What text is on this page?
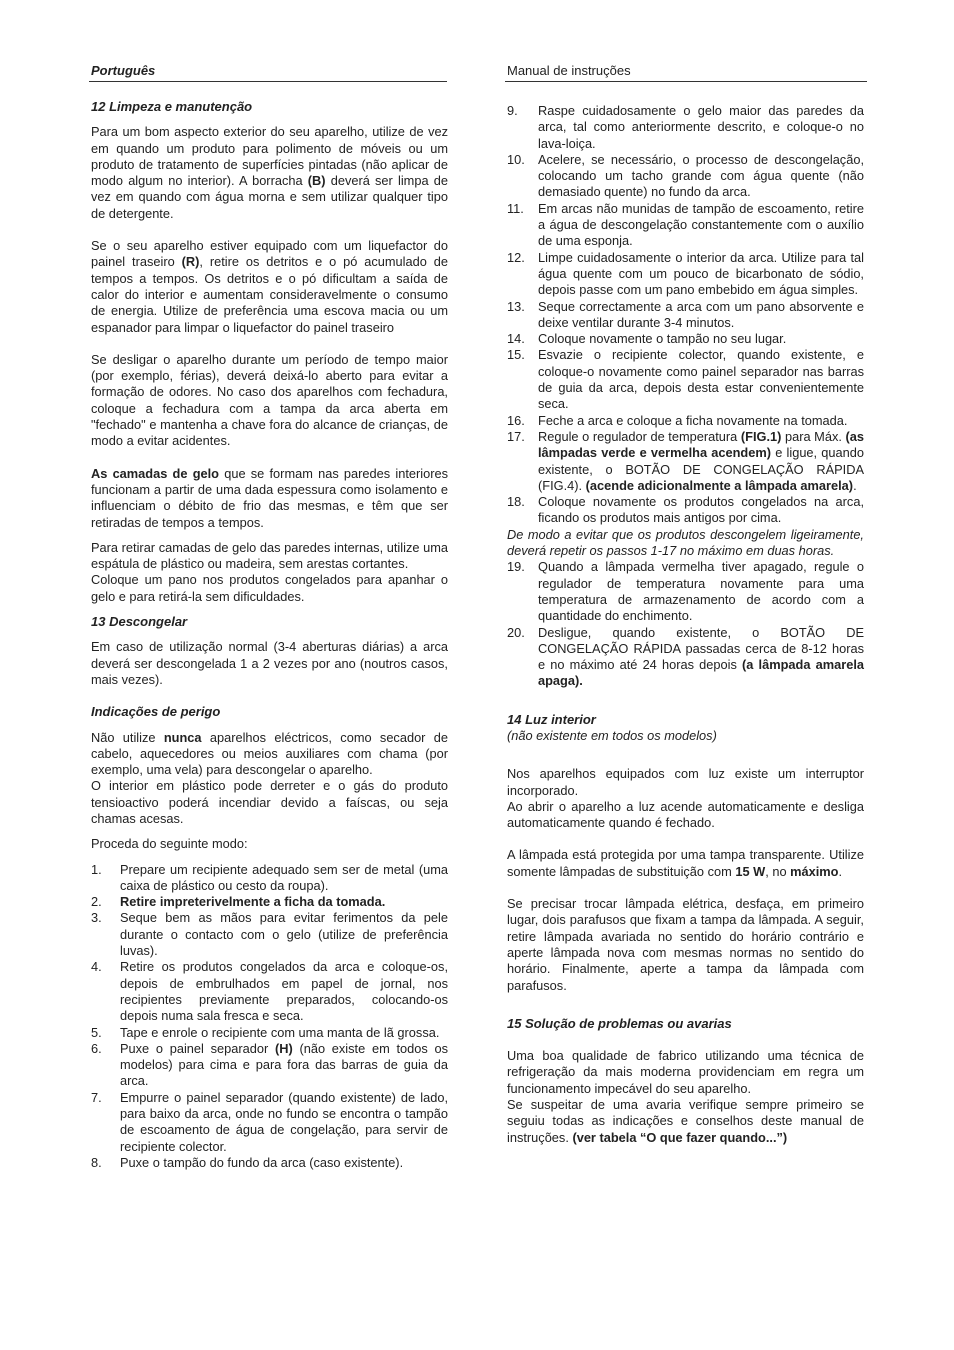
Português	Manual de instruções
12 Limpeza e manutenção

Para um bom aspecto exterior do seu aparelho, utilize de vez em quando um produto para polimento de móveis ou um produto de tratamento de superfícies pintadas (não aplicar de modo algum no interior). A borracha (B) deverá ser limpa de vez em quando com água morna e sem utilizar qualquer tipo de detergente.

Se o seu aparelho estiver equipado com um liquefactor do painel traseiro (R), retire os detritos e o pó acumulado de tempos a tempos. Os detritos e o pó dificultam a saída de calor do interior e aumentam consideravelmente o consumo de energia. Utilize de preferência uma escova macia ou um espanador para limpar o liquefactor do painel traseiro

Se desligar o aparelho durante um período de tempo maior (por exemplo, férias), deverá deixá-lo aberto para evitar a formação de odores. No caso dos aparelhos com fechadura, coloque a fechadura com a tampa da arca aberta em "fechado" e mantenha a chave fora do alcance de crianças, de modo a evitar acidentes.

As camadas de gelo que se formam nas paredes interiores funcionam a partir de uma dada espessura como isolamento e influenciam o débito de frio das mesmas, e têm que ser retiradas de tempos a tempos.

Para retirar camadas de gelo das paredes internas, utilize uma espátula de plástico ou madeira, sem arestas cortantes.
Coloque um pano nos produtos congelados para apanhar o gelo e para retirá-la sem dificuldades.

13 Descongelar

Em caso de utilização normal (3-4 aberturas diárias) a arca deverá ser descongelada 1 a 2 vezes por ano (noutros casos, mais vezes).

Indicações de perigo

Não utilize nunca aparelhos eléctricos, como secador de cabelo, aquecedores ou meios auxiliares com chama (por exemplo, uma vela) para descongelar o aparelho.
O interior em plástico pode derreter e o gás do produto tensioactivo poderá incendiar devido a faíscas, ou seja chamas acesas.

Proceda do seguinte modo:

1. Prepare um recipiente adequado sem ser de metal (uma caixa de plástico ou cesto da roupa).
2. Retire impreterivelmente a ficha da tomada.
3. Seque bem as mãos para evitar ferimentos da pele durante o contacto com o gelo (utilize de preferência luvas).
4. Retire os produtos congelados da arca e coloque-os, depois de embrulhados em papel de jornal, nos recipientes previamente preparados, colocando-os depois numa sala fresca e seca.
5. Tape e enrole o recipiente com uma manta de lã grossa.
6. Puxe o painel separador (H) (não existe em todos os modelos) para cima e para fora das barras de guia da arca.
7. Empurre o painel separador (quando existente) de lado, para baixo da arca, onde no fundo se encontra o tampão de escoamento de água de congelação, para servir de recipiente colector.
8. Puxe o tampão do fundo da arca (caso existente).
9. Raspe cuidadosamente o gelo maior das paredes da arca, tal como anteriormente descrito, e coloque-o no lava-loiça.
10. Acelere, se necessário, o processo de descongelação, colocando um tacho grande com água quente (não demasiado quente) no fundo da arca.
11. Em arcas não munidas de tampão de escoamento, retire a água de descongelação constantemente com o auxílio de uma esponja.
12. Limpe cuidadosamente o interior da arca. Utilize para tal água quente com um pouco de bicarbonato de sódio, depois passe com um pano embebido em água simples.
13. Seque correctamente a arca com um pano absorvente e deixe ventilar durante 3-4 minutos.
14. Coloque novamente o tampão no seu lugar.
15. Esvazie o recipiente colector, quando existente, e coloque-o novamente como painel separador nas barras de guia da arca, depois desta estar convenientemente seca.
16. Feche a arca e coloque a ficha novamente na tomada.
17. Regule o regulador de temperatura (FIG.1) para Máx. (as lâmpadas verde e vermelha acendem) e ligue, quando existente, o BOTÃO DE CONGELAÇÃO RÁPIDA (FIG.4). (acende adicionalmente a lâmpada amarela).
18. Coloque novamente os produtos congelados na arca, ficando os produtos mais antigos por cima.

De modo a evitar que os produtos descongelem ligeiramente, deverá repetir os passos 1-17 no máximo em duas horas.

19. Quando a lâmpada vermelha tiver apagado, regule o regulador de temperatura novamente para uma temperatura de armazenamento de acordo com a quantidade do enchimento.
20. Desligue, quando existente, o BOTÃO DE CONGELAÇÃO RÁPIDA passadas cerca de 8-12 horas e no máximo até 24 horas depois (a lâmpada amarela apaga).
14 Luz interior

(não existente em todos os modelos)

Nos aparelhos equipados com luz existe um interruptor incorporado.
Ao abrir o aparelho a luz acende automaticamente e desliga automaticamente quando é fechado.

A lâmpada está protegida por uma tampa transparente. Utilize somente lâmpadas de substituição com 15 W, no máximo.

Se precisar trocar lâmpada elétrica, desfaça, em primeiro lugar, dois parafusos que fixam a tampa da lâmpada. A seguir, retire lâmpada avariada no sentido do horário contrário e aperte lâmpada nova com mesmas normas no sentido do horário. Finalmente, aperte a tampa da lâmpada com parafusos.

15 Solução de problemas ou avarias

Uma boa qualidade de fabrico utilizando uma técnica de refrigeração da mais moderna providenciam em regra um funcionamento impecável do seu aparelho.
Se suspeitar de uma avaria verifique sempre primeiro se seguiu todas as indicações e conselhos deste manual de instruções. (ver tabela “O que fazer quando...”)
